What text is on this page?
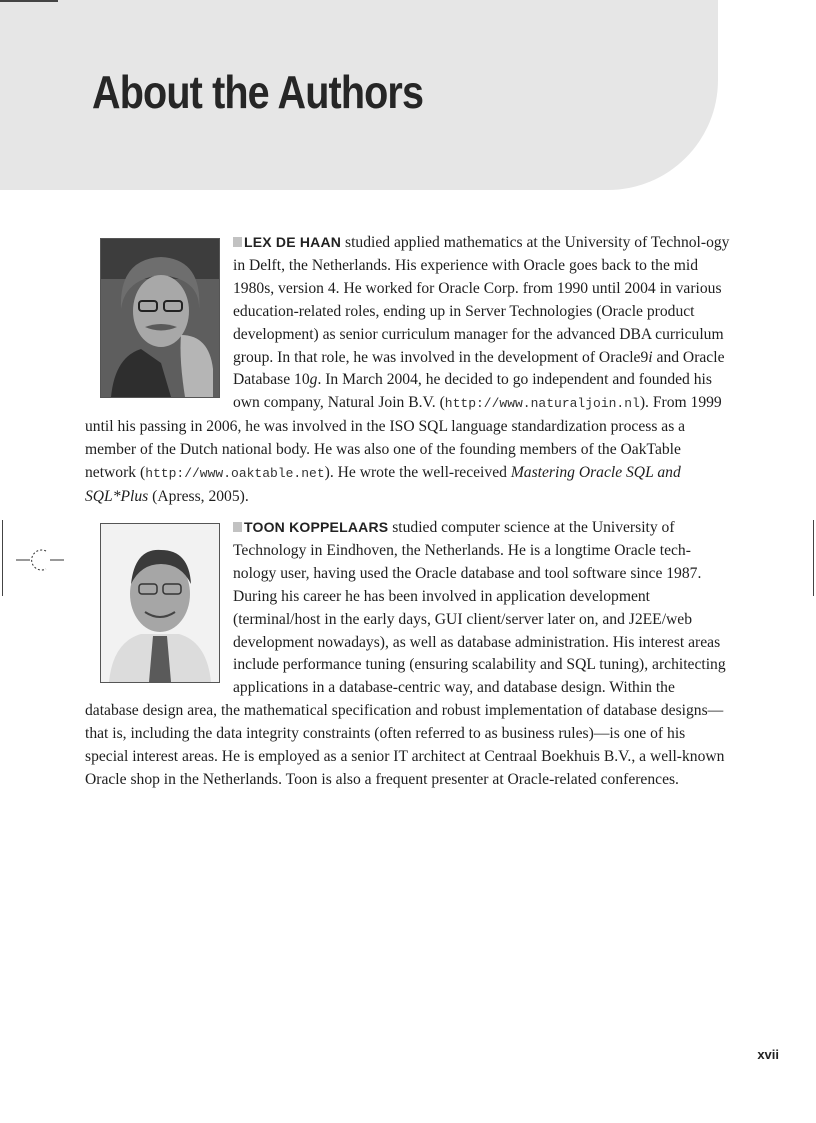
About the Authors
LEX DE HAAN studied applied mathematics at the University of Technol-ogy in Delft, the Netherlands. His experience with Oracle goes back to the mid 1980s, version 4. He worked for Oracle Corp. from 1990 until 2004 in various education-related roles, ending up in Server Technologies (Oracle product development) as senior curriculum manager for the advanced DBA curriculum group. In that role, he was involved in the development of Oracle9i and Oracle Database 10g. In March 2004, he decided to go independent and founded his own company, Natural Join B.V. (http://www.naturaljoin.nl). From 1999 until his passing in 2006, he was involved in the ISO SQL language standardization process as a member of the Dutch national body. He was also one of the founding members of the OakTable network (http://www.oaktable.net). He wrote the well-received Mastering Oracle SQL and SQL*Plus (Apress, 2005).
TOON KOPPELAARS studied computer science at the University of Technology in Eindhoven, the Netherlands. He is a longtime Oracle tech-nology user, having used the Oracle database and tool software since 1987. During his career he has been involved in application development (terminal/host in the early days, GUI client/server later on, and J2EE/web development nowadays), as well as database administration. His interest areas include performance tuning (ensuring scalability and SQL tuning), architecting applications in a database-centric way, and database design. Within the database design area, the mathematical specification and robust implementation of database designs—that is, including the data integrity constraints (often referred to as business rules)—is one of his special interest areas. He is employed as a senior IT architect at Centraal Boekhuis B.V., a well-known Oracle shop in the Netherlands. Toon is also a frequent presenter at Oracle-related conferences.
xvii
